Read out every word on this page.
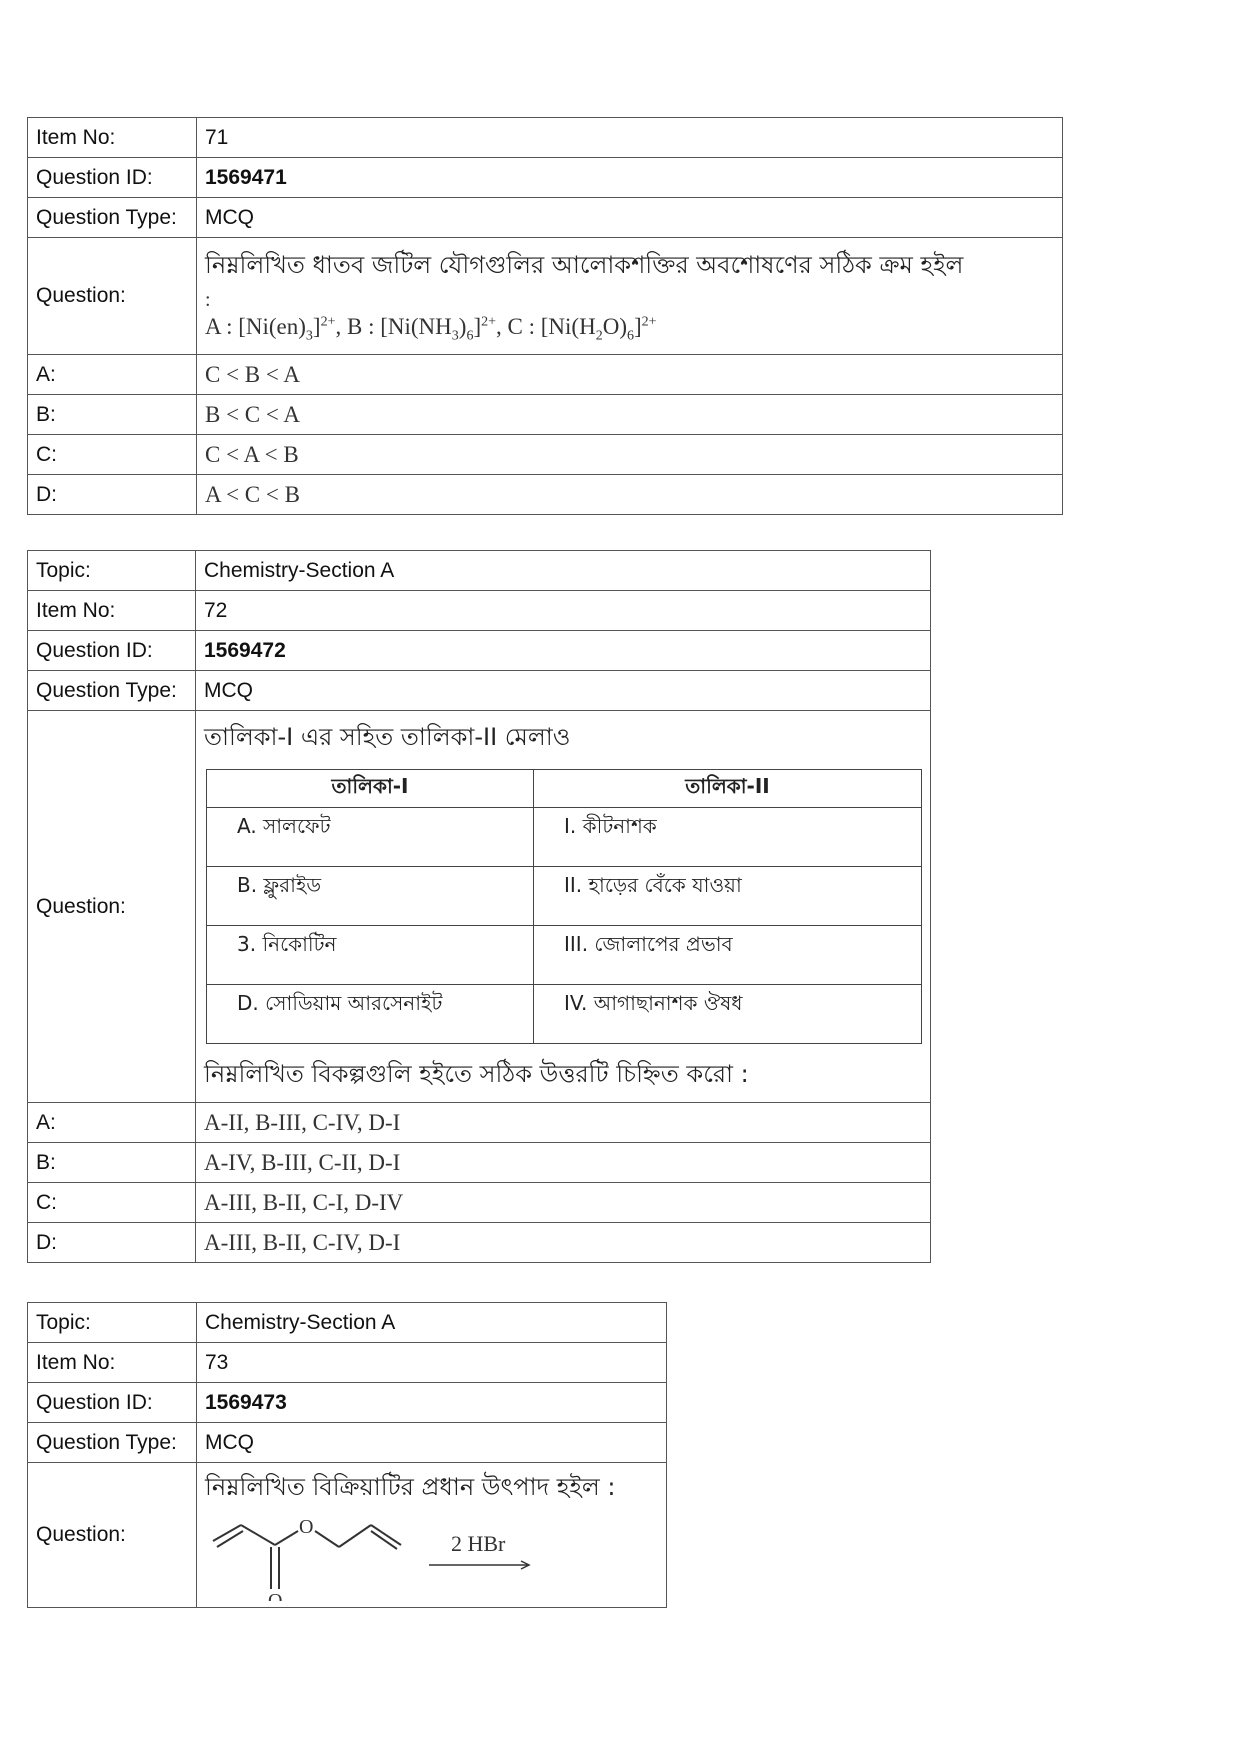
Item No:	71
Question ID:	1569471
Question Type:	MCQ
Question:	নিম্নলিখিত ধাতব জটিল যৌগগুলির আলোকশক্তির অবশোষণের সঠিক ক্রম হইল
:
A : $[Ni(en)_3]^{2+}$, B : $[Ni(NH_3)_6]^{2+}$, C : $[Ni(H_2O)_6]^{2+}$

A:	C < B < A
B:	B < C < A
C:	C < A < B
D:	A < C < B
Topic:	Chemistry-Section A
Item No:	72
Question ID:	1569472
Question Type:	MCQ
Question:	
তালিকা-I এর সহিত তালিকা-II মেলাও
তালিকা-I	তালিকা-II
A. সালফেট	I. কীটনাশক
B. ফ্লুরাইড	II. হাড়ের বেঁকে যাওয়া
3. নিকোটিন	III. জোলাপের প্রভাব
D. সোডিয়াম আরসেনাইট	IV. আগাছানাশক ঔষধ
নিম্নলিখিত বিকল্পগুলি হইতে সঠিক উত্তরটি চিহ্নিত করো :

A:	A-II, B-III, C-IV, D-I
B:	A-IV, B-III, C-II, D-I
C:	A-III, B-II, C-I, D-IV
D:	A-III, B-II, C-IV, D-I
Topic:	Chemistry-Section A
Item No:	73
Question ID:	1569473
Question Type:	MCQ
Question:	নিম্নলিখিত বিক্রিয়াটির প্রধান উৎপাদ হইল :
O
O
2 HBr
